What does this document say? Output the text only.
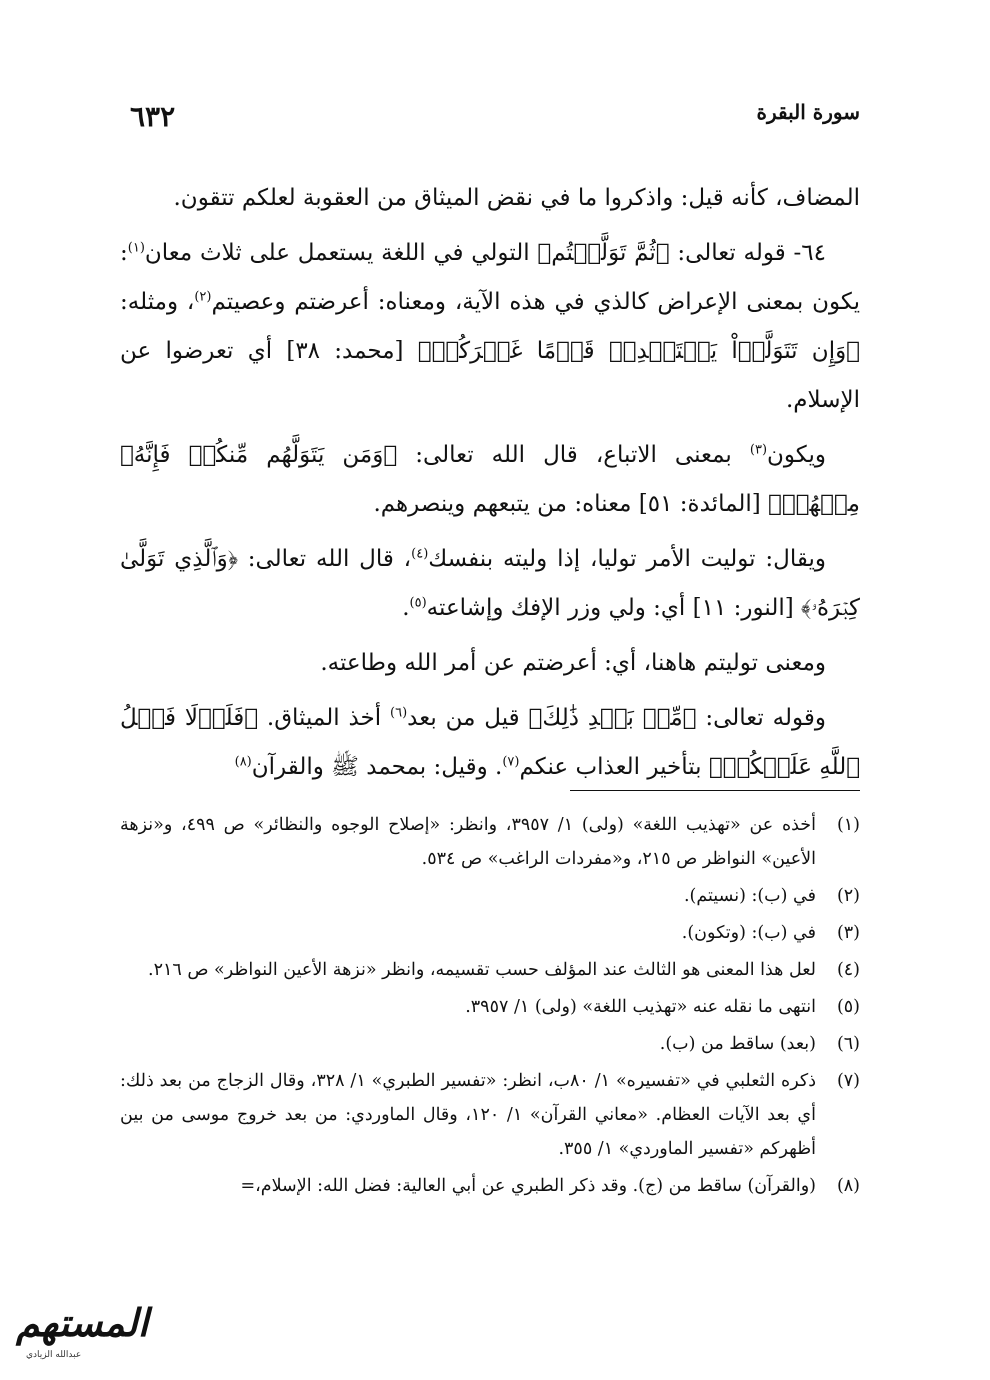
٦٣٢	سورة البقرة

المضاف، كأنه قيل: واذكروا ما في نقض الميثاق من العقوبة لعلكم تتقون.

٦٤- قوله تعالى: ﴿ثُمَّ تَوَلَّيۡتُم﴾ التولي في اللغة يستعمل على ثلاث معان$^{(١)}$: يكون بمعنى الإعراض كالذي في هذه الآية، ومعناه: أعرضتم وعصيتم$^{(٢)}$، ومثله: ﴿وَإِن تَتَوَلَّوۡاْ يَسۡتَبۡدِلۡ قَوۡمًا غَيۡرَكُمۡ﴾ [محمد: ٣٨] أي تعرضوا عن الإسلام.

ويكون$^{(٣)}$ بمعنى الاتباع، قال الله تعالى: ﴿وَمَن يَتَوَلَّهُم مِّنكُمۡ فَإِنَّهُۥ مِنۡهُمۡ﴾ [المائدة: ٥١] معناه: من يتبعهم وينصرهم.

ويقال: توليت الأمر توليا، إذا وليته بنفسك$^{(٤)}$، قال الله تعالى: ﴿وَٱلَّذِي تَوَلَّىٰ كِبۡرَهُۥ﴾ [النور: ١١] أي: ولي وزر الإفك وإشاعته$^{(٥)}$.

ومعنى توليتم هاهنا، أي: أعرضتم عن أمر الله وطاعته.

وقوله تعالى: ﴿مِّنۢ بَعۡدِ ذَٰلِكَ﴾ قيل من بعد$^{(٦)}$ أخذ الميثاق. ﴿فَلَوۡلَا فَضۡلُ ٱللَّهِ عَلَيۡكُمۡ﴾ بتأخير العذاب عنكم$^{(٧)}$. وقيل: بمحمد ﷺ والقرآن$^{(٨)}$

(١)
أخذه عن «تهذيب اللغة» (ولى) ١/ ٣٩٥٧، وانظر: «إصلاح الوجوه والنظائر» ص ٤٩٩، و«نزهة الأعين» النواظر ص ٢١٥، و«مفردات الراغب» ص ٥٣٤.
(٢)
في (ب): (نسيتم).
(٣)
في (ب): (وتكون).
(٤)
لعل هذا المعنى هو الثالث عند المؤلف حسب تقسيمه، وانظر «نزهة الأعين النواظر» ص ٢١٦.
(٥)
انتهى ما نقله عنه «تهذيب اللغة» (ولى) ١/ ٣٩٥٧.
(٦)
(بعد) ساقط من (ب).
(٧)
ذكره الثعلبي في «تفسيره» ١/ ٨٠ب، انظر: «تفسير الطبري» ١/ ٣٢٨، وقال الزجاج من بعد ذلك: أي بعد الآيات العظام. «معاني القرآن» ١/ ١٢٠، وقال الماوردي: من بعد خروج موسى من بين أظهركم «تفسير الماوردي» ١/ ٣٥٥.
(٨)
(والقرآن) ساقط من (ج). وقد ذكر الطبري عن أبي العالية: فضل الله: الإسلام،=
المستهم
عبدالله الزيادي
